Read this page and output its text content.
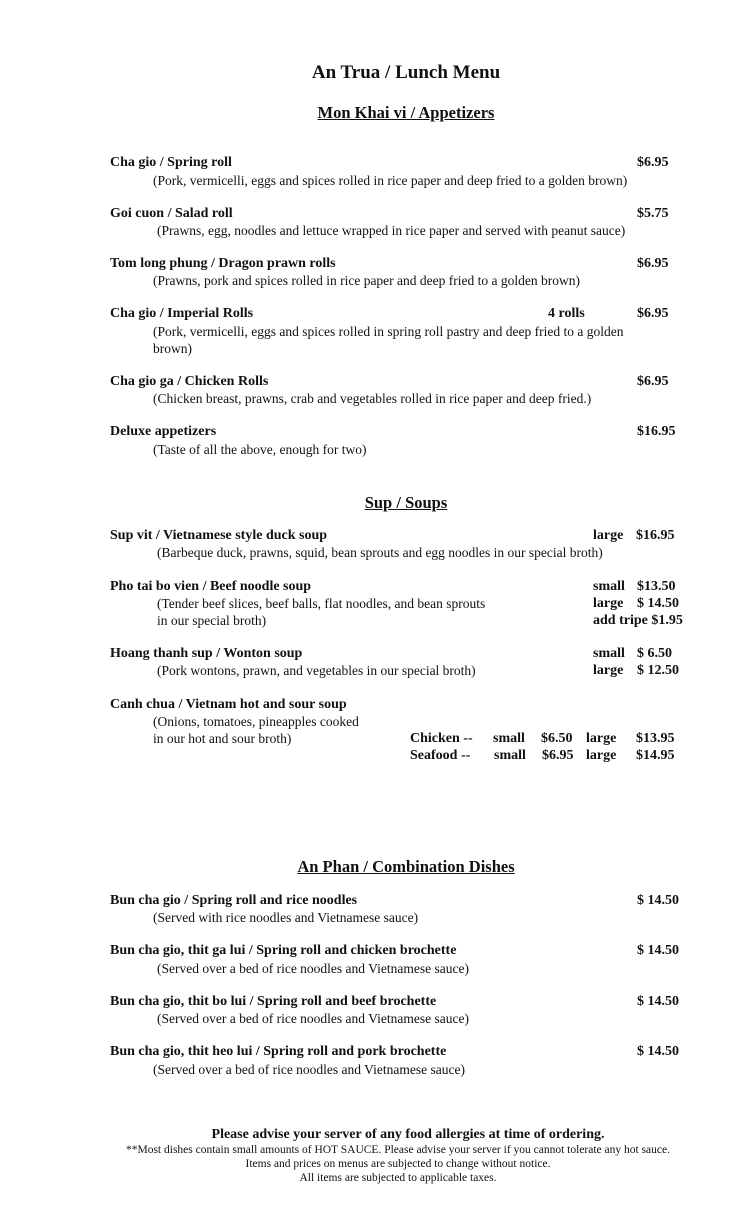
An Trua / Lunch Menu
Mon Khai vi / Appetizers
Cha gio / Spring roll	$6.95
(Pork, vermicelli, eggs and spices rolled in rice paper and deep fried to a golden brown)
Goi cuon / Salad roll	$5.75
(Prawns, egg, noodles and lettuce wrapped in rice paper and served with peanut sauce)
Tom long phung / Dragon prawn rolls	$6.95
(Prawns, pork and spices rolled in rice paper and deep fried to a golden brown)
Cha gio / Imperial Rolls	4 rolls	$6.95
(Pork, vermicelli, eggs and spices rolled in spring roll pastry and deep fried to a golden
brown)
Cha gio ga / Chicken Rolls	$6.95
(Chicken breast, prawns, crab and vegetables rolled in rice paper and deep fried.)
Deluxe appetizers	$16.95
(Taste of all the above, enough for two)
Sup / Soups
Sup vit / Vietnamese style duck soup	large $16.95
(Barbeque duck, prawns, squid, bean sprouts and egg noodles in our special broth)
Pho tai bo vien / Beef noodle soup	small $13.50
(Tender beef slices, beef balls, flat noodles, and bean sprouts	large $ 14.50
in our special broth)	add tripe $1.95
Hoang thanh sup / Wonton soup	small $ 6.50
(Pork wontons, prawn, and vegetables in our special broth)	large $ 12.50
Canh chua / Vietnam hot and sour soup
(Onions, tomatoes, pineapples cooked
in our hot and sour broth)	Chicken -- small $6.50 large $13.95
Seafood -- small $6.95 large $14.95
An Phan / Combination Dishes
Bun cha gio / Spring roll and rice noodles	$ 14.50
(Served with rice noodles and Vietnamese sauce)
Bun cha gio, thit ga lui / Spring roll and chicken brochette	$ 14.50
(Served over a bed of rice noodles and Vietnamese sauce)
Bun cha gio, thit bo lui / Spring roll and beef brochette	$ 14.50
(Served over a bed of rice noodles and Vietnamese sauce)
Bun cha gio, thit heo lui / Spring roll and pork brochette	$ 14.50
(Served over a bed of rice noodles and Vietnamese sauce)
Please advise your server of any food allergies at time of ordering.
**Most dishes contain small amounts of HOT SAUCE. Please advise your server if you cannot tolerate any hot sauce.
Items and prices on menus are subjected to change without notice.
All items are subjected to applicable taxes.
